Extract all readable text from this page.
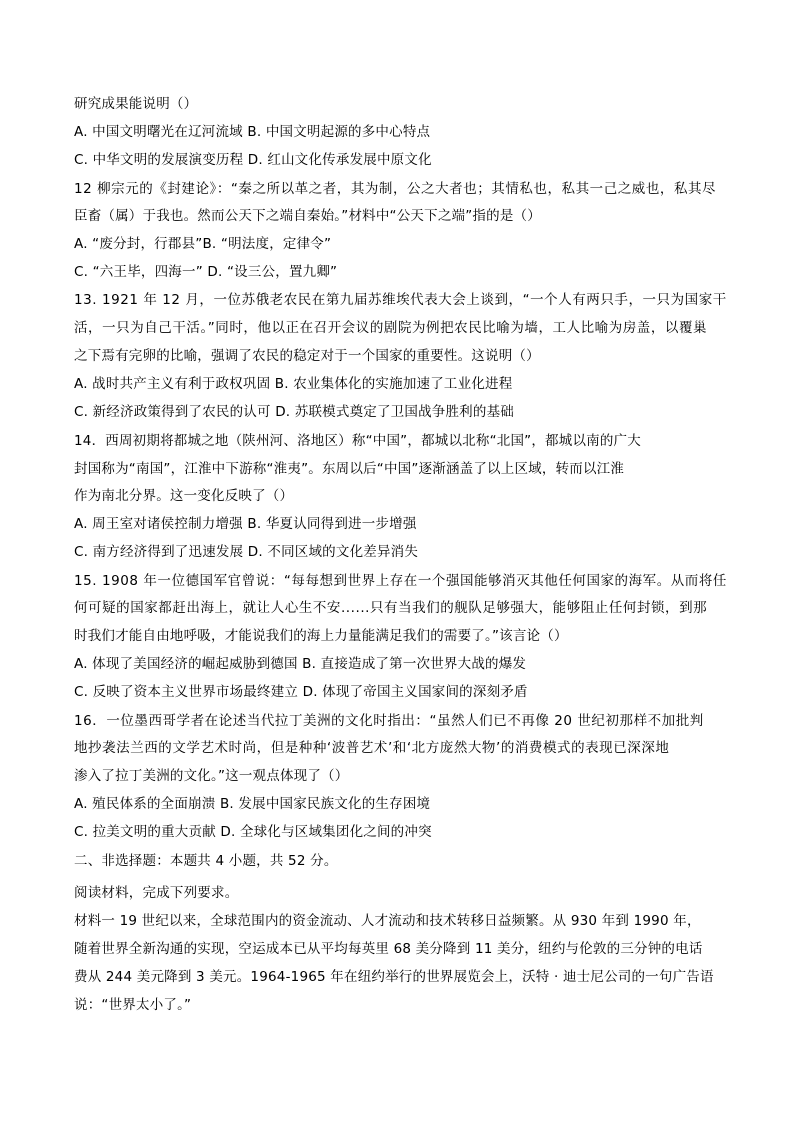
研究成果能说明（）
A. 中国文明曙光在辽河流域 B. 中国文明起源的多中心特点
C. 中华文明的发展演变历程 D. 红山文化传承发展中原文化
12 柳宗元的《封建论》：“秦之所以革之者，其为制，公之大者也；其情私也，私其一己之威也，私其尽
臣畜（属）于我也。然而公天下之端自秦始。”材料中“公天下之端”指的是（）
A. “废分封，行郡县”B. “明法度，定律令”
C. “六王毕，四海一” D. “设三公，置九卿”
13. 1921 年 12 月，一位苏俄老农民在第九届苏维埃代表大会上谈到，“一个人有两只手，一只为国家干
活，一只为自己干活。”同时，他以正在召开会议的剧院为例把农民比喻为墙，工人比喻为房盖，以覆巢
之下焉有完卵的比喻，强调了农民的稳定对于一个国家的重要性。这说明（）
A. 战时共产主义有利于政权巩固 B. 农业集体化的实施加速了工业化进程
C. 新经济政策得到了农民的认可 D. 苏联模式奠定了卫国战争胜利的基础
14．西周初期将都城之地（陕州河、洛地区）称“中国”，都城以北称“北国”，都城以南的广大
封国称为“南国”，江淮中下游称“淮夷”。东周以后“中国”逐渐涵盖了以上区域，转而以江淮
作为南北分界。这一变化反映了（）
A. 周王室对诸侯控制力增强 B. 华夏认同得到进一步增强
C. 南方经济得到了迅速发展 D. 不同区域的文化差异消失
15. 1908 年一位德国军官曾说：“每每想到世界上存在一个强国能够消灭其他任何国家的海军。从而将任
何可疑的国家都赶出海上，就让人心生不安......只有当我们的舰队足够强大，能够阻止任何封锁，到那
时我们才能自由地呼吸，才能说我们的海上力量能满足我们的需要了。”该言论（）
A. 体现了美国经济的崛起威胁到德国 B. 直接造成了第一次世界大战的爆发
C. 反映了资本主义世界市场最终建立 D. 体现了帝国主义国家间的深刻矛盾
16．一位墨西哥学者在论述当代拉丁美洲的文化时指出：“虽然人们已不再像 20 世纪初那样不加批判
地抄袭法兰西的文学艺术时尚，但是种种‘波普艺术’和‘北方庞然大物’的消费模式的表现已深深地
渗入了拉丁美洲的文化。”这一观点体现了（）
A. 殖民体系的全面崩溃 B. 发展中国家民族文化的生存困境
C. 拉美文明的重大贡献 D. 全球化与区域集团化之间的冲突
二、非选择题：本题共 4 小题，共 52 分。
阅读材料，完成下列要求。
材料一 19 世纪以来，全球范围内的资金流动、人才流动和技术转移日益频繁。从 930 年到 1990 年，
随着世界全新沟通的实现，空运成本已从平均每英里 68 美分降到 11 美分，纽约与伦敦的三分钟的电话
费从 244 美元降到 3 美元。1964-1965 年在纽约举行的世界展览会上，沃特 · 迪士尼公司的一句广告语
说：“世界太小了。”
